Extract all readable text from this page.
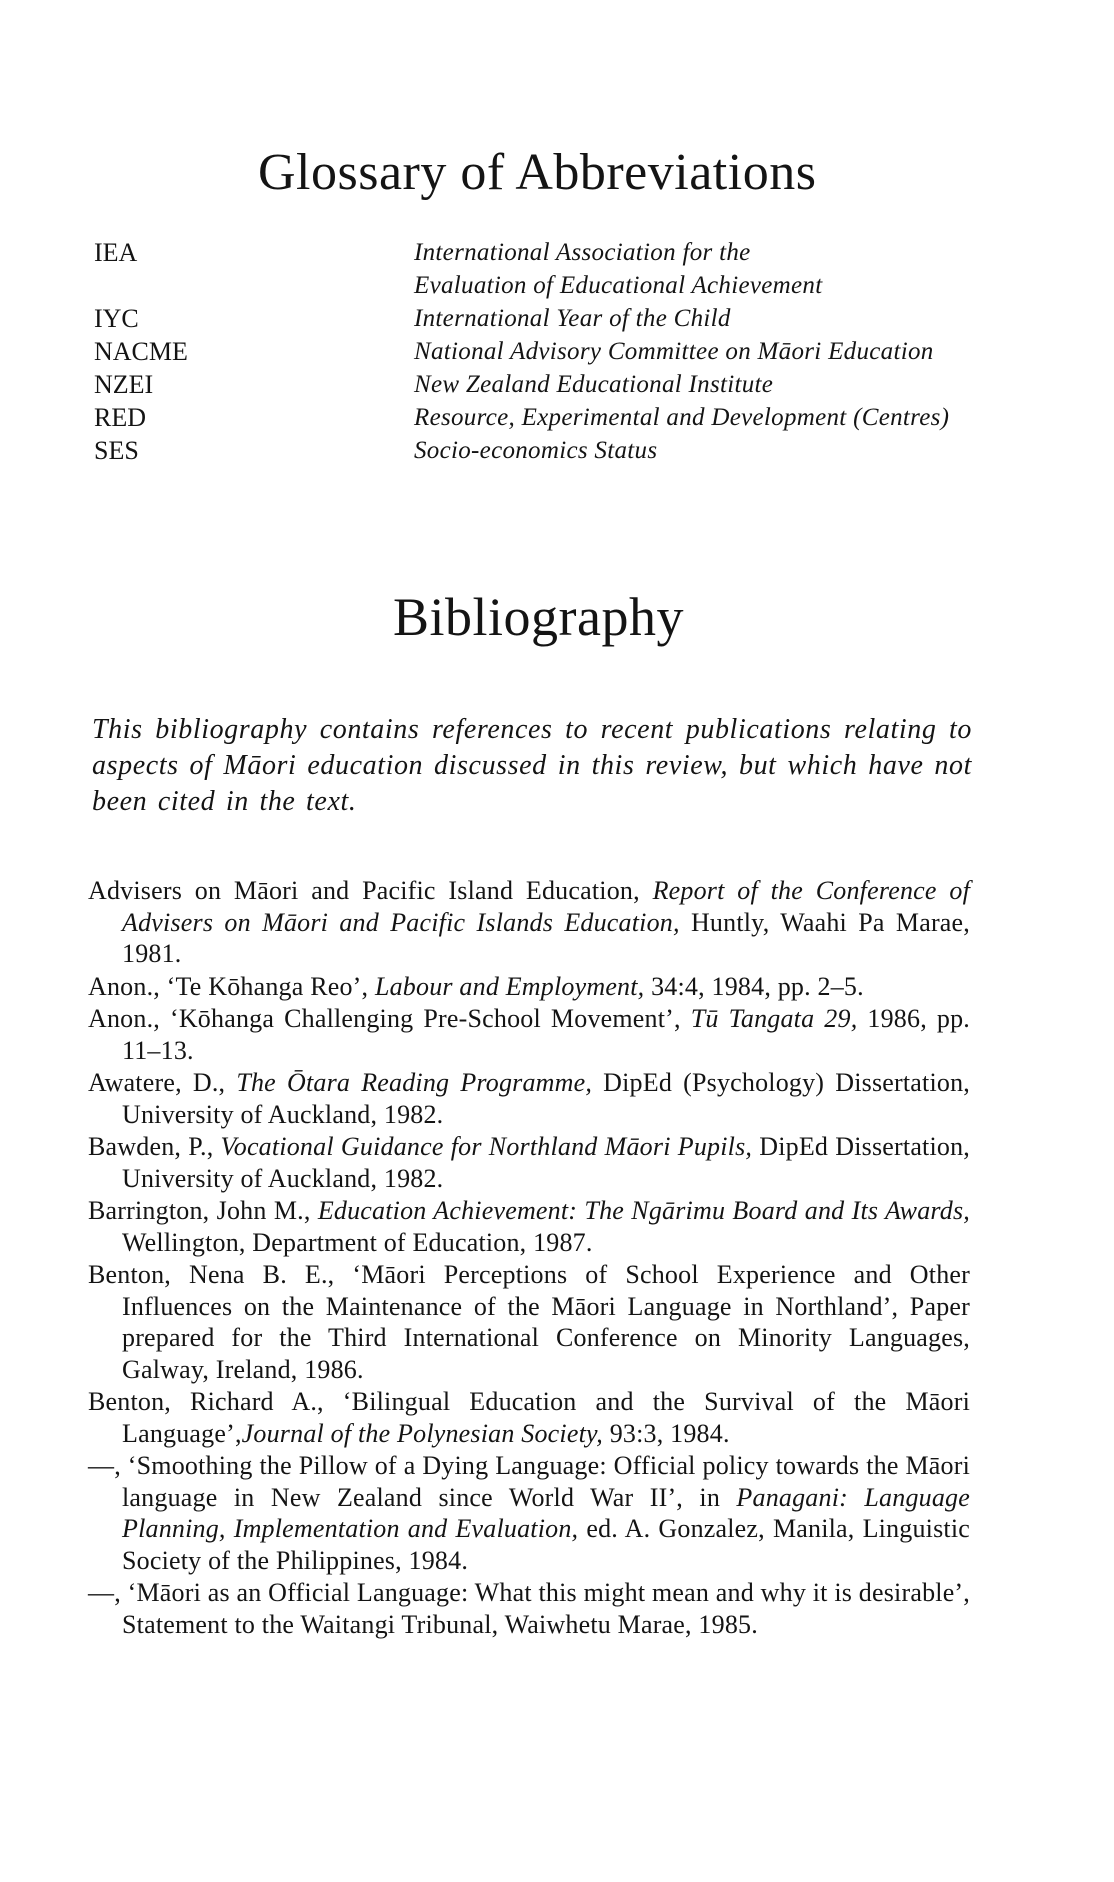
Glossary of Abbreviations
IEA	International Association for the Evaluation of Educational Achievement
IYC	International Year of the Child
NACME	National Advisory Committee on Māori Education
NZEI	New Zealand Educational Institute
RED	Resource, Experimental and Development (Centres)
SES	Socio-economics Status
Bibliography

This bibliography contains references to recent publications relating to aspects of Māori education discussed in this review, but which have not been cited in the text.

Advisers on Māori and Pacific Island Education, Report of the Conference of Advisers on Māori and Pacific Islands Education, Huntly, Waahi Pa Marae, 1981.
Anon., ‘Te Kōhanga Reo’, Labour and Employment, 34:4, 1984, pp. 2–5.
Anon., ‘Kōhanga Challenging Pre-School Movement’, Tū Tangata 29, 1986, pp. 11–13.
Awatere, D., The Ōtara Reading Programme, DipEd (Psychology) Dissertation, University of Auckland, 1982.
Bawden, P., Vocational Guidance for Northland Māori Pupils, DipEd Dissertation, University of Auckland, 1982.
Barrington, John M., Education Achievement: The Ngārimu Board and Its Awards, Wellington, Department of Education, 1987.
Benton, Nena B. E., ‘Māori Perceptions of School Experience and Other Influences on the Maintenance of the Māori Language in Northland’, Paper prepared for the Third International Conference on Minority Languages, Galway, Ireland, 1986.
Benton, Richard A., ‘Bilingual Education and the Survival of the Māori Language’,Journal of the Polynesian Society, 93:3, 1984.
—, ‘Smoothing the Pillow of a Dying Language: Official policy towards the Māori language in New Zealand since World War II’, in Panagani: Language Planning, Implementation and Evaluation, ed. A. Gonzalez, Manila, Linguistic Society of the Philippines, 1984.
—, ‘Māori as an Official Language: What this might mean and why it is desirable’, Statement to the Waitangi Tribunal, Waiwhetu Marae, 1985.
